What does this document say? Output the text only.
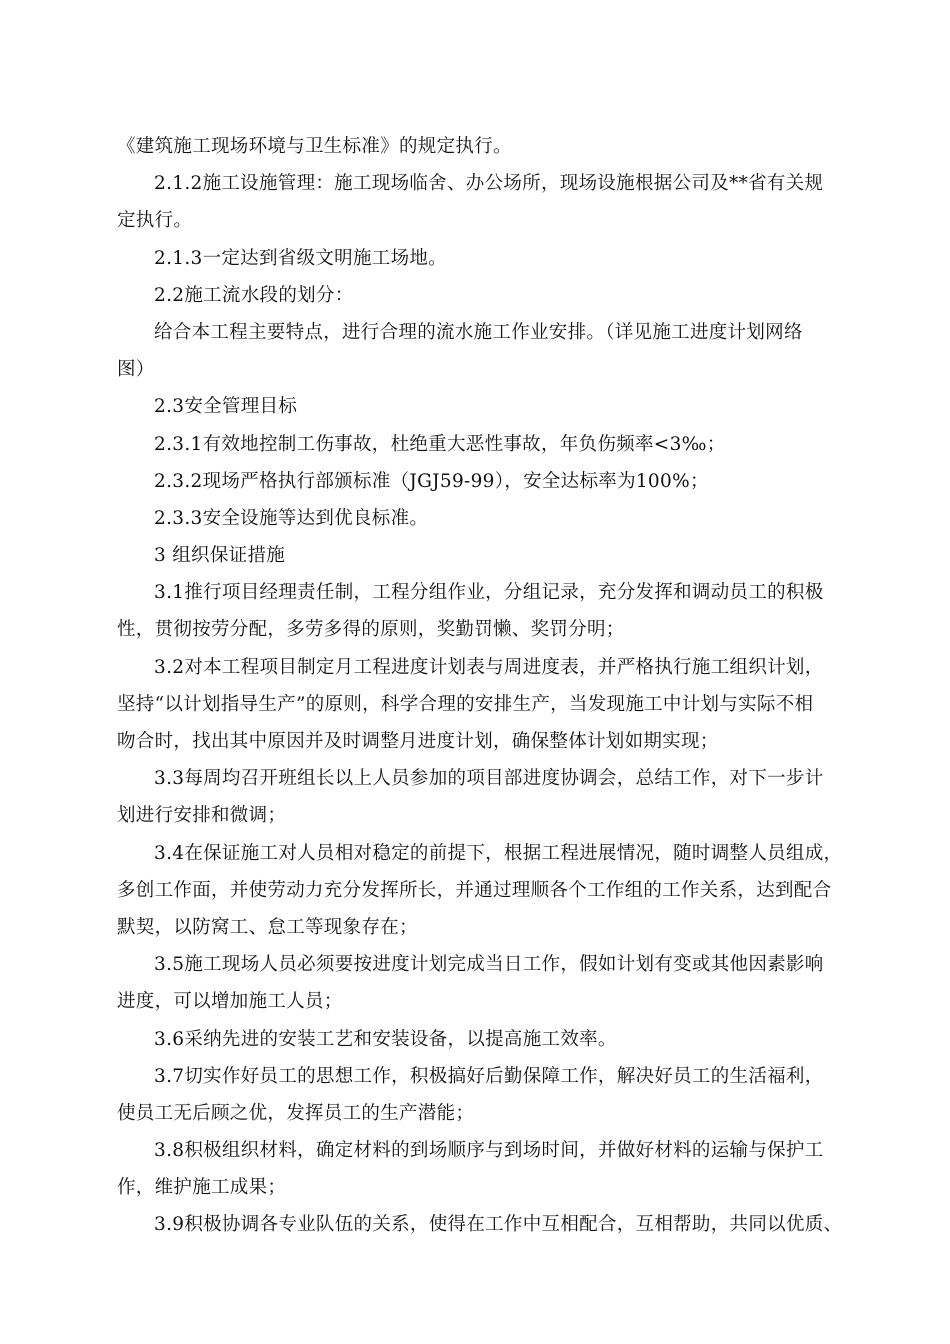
《建筑施工现场环境与卫生标准》的规定执行。
2.1.2施工设施管理：施工现场临舍、办公场所，现场设施根据公司及**省有关规
定执行。
2.1.3一定达到省级文明施工场地。
2.2施工流水段的划分：
给合本工程主要特点，进行合理的流水施工作业安排。（详见施工进度计划网络
图）
2.3安全管理目标
2.3.1有效地控制工伤事故，杜绝重大恶性事故，年负伤频率<3‰；
2.3.2现场严格执行部颁标准（JGJ59-99），安全达标率为100%；
2.3.3安全设施等达到优良标准。
3 组织保证措施
3.1推行项目经理责任制，工程分组作业，分组记录，充分发挥和调动员工的积极
性，贯彻按劳分配，多劳多得的原则，奖勤罚懒、奖罚分明；
3.2对本工程项目制定月工程进度计划表与周进度表，并严格执行施工组织计划，
坚持“以计划指导生产”的原则，科学合理的安排生产，当发现施工中计划与实际不相
吻合时，找出其中原因并及时调整月进度计划，确保整体计划如期实现；
3.3每周均召开班组长以上人员参加的项目部进度协调会，总结工作，对下一步计
划进行安排和微调；
3.4在保证施工对人员相对稳定的前提下，根据工程进展情况，随时调整人员组成，
多创工作面，并使劳动力充分发挥所长，并通过理顺各个工作组的工作关系，达到配合
默契，以防窝工、怠工等现象存在；
3.5施工现场人员必须要按进度计划完成当日工作，假如计划有变或其他因素影响
进度，可以增加施工人员；
3.6采纳先进的安装工艺和安装设备，以提高施工效率。
3.7切实作好员工的思想工作，积极搞好后勤保障工作，解决好员工的生活福利，
使员工无后顾之优，发挥员工的生产潜能；
3.8积极组织材料，确定材料的到场顺序与到场时间，并做好材料的运输与保护工
作，维护施工成果；
3.9积极协调各专业队伍的关系，使得在工作中互相配合，互相帮助，共同以优质、
